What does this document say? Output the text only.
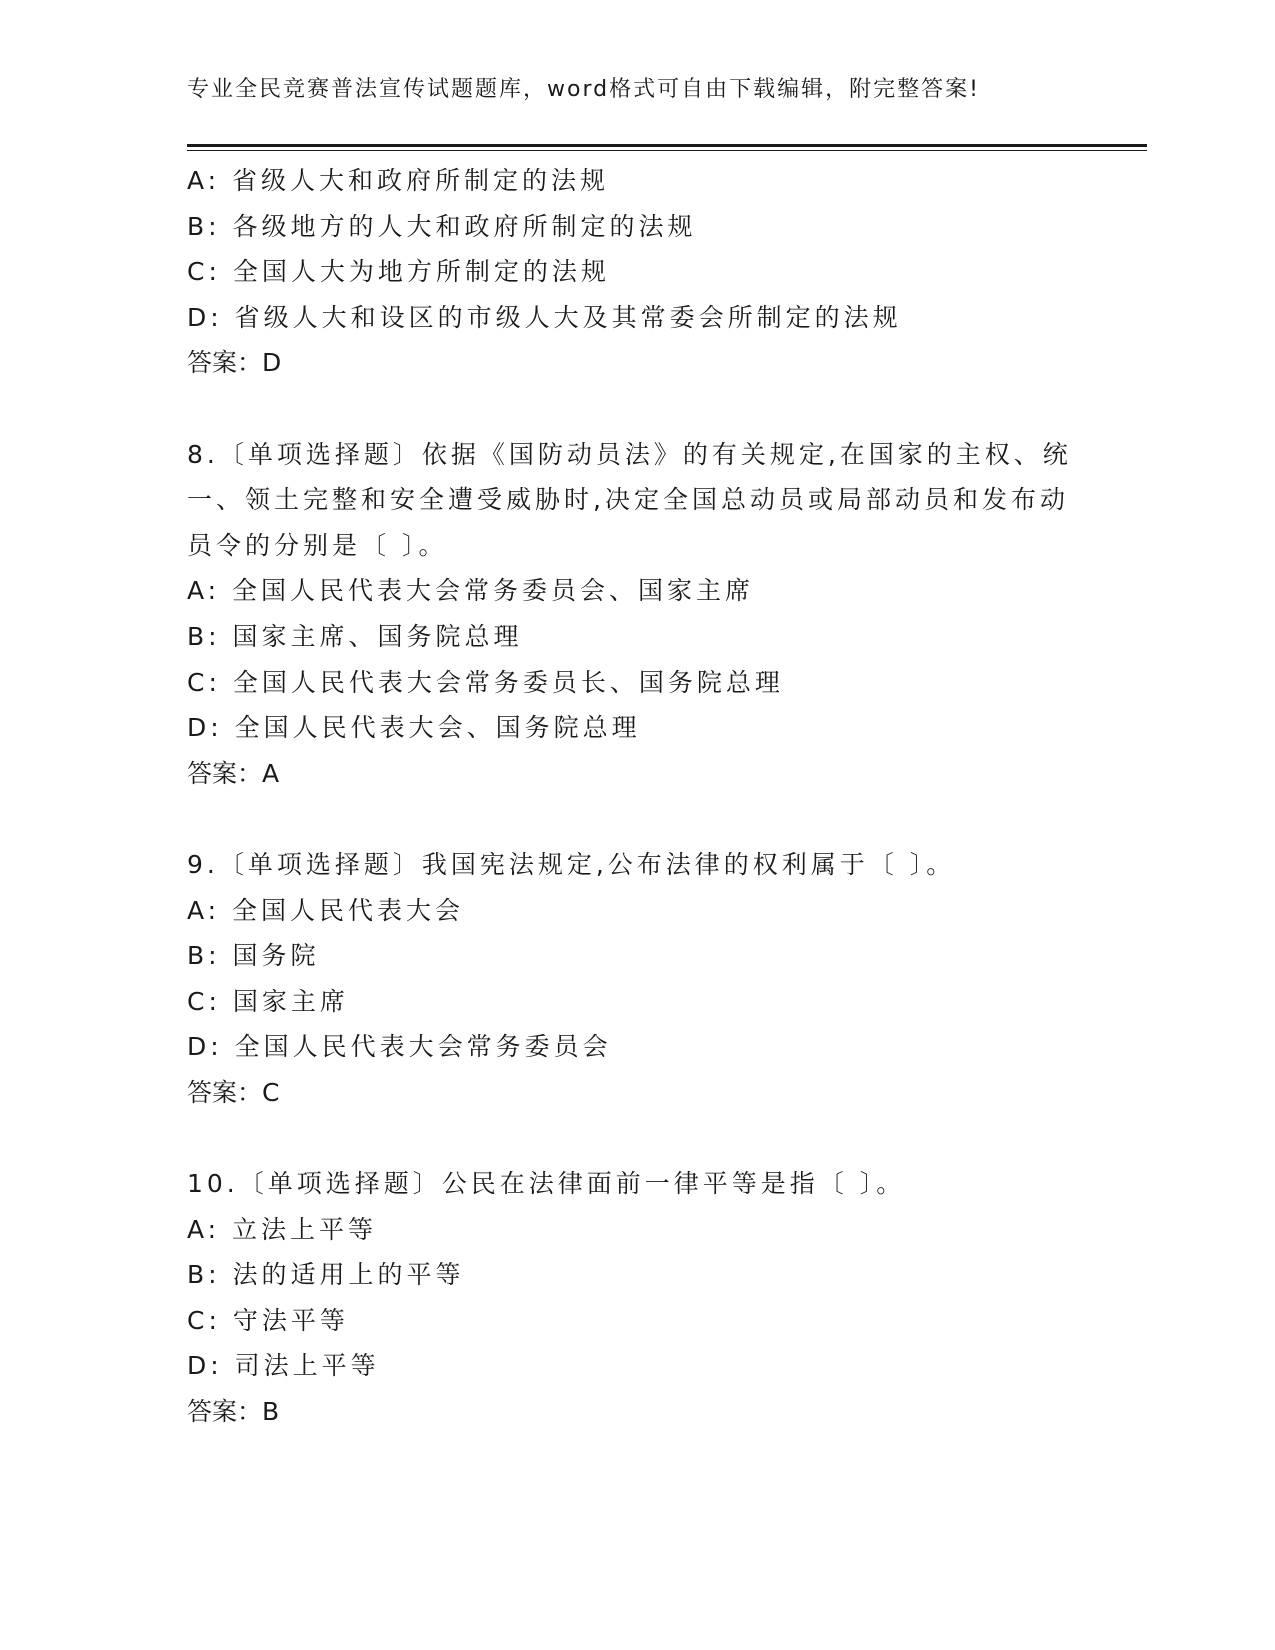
专业全民竞赛普法宣传试题题库，word格式可自由下载编辑，附完整答案!
A: 省级人大和政府所制定的法规
B: 各级地方的人大和政府所制定的法规
C: 全国人大为地方所制定的法规
D: 省级人大和设区的市级人大及其常委会所制定的法规
答案：D
8.〔单项选择题〕依据《国防动员法》的有关规定,在国家的主权、统
一、领土完整和安全遭受威胁时,决定全国总动员或局部动员和发布动
员令的分别是〔 〕。
A: 全国人民代表大会常务委员会、国家主席
B: 国家主席、国务院总理
C: 全国人民代表大会常务委员长、国务院总理
D: 全国人民代表大会、国务院总理
答案：A
9.〔单项选择题〕我国宪法规定,公布法律的权利属于〔 〕。
A: 全国人民代表大会
B: 国务院
C: 国家主席
D: 全国人民代表大会常务委员会
答案：C
10.〔单项选择题〕公民在法律面前一律平等是指〔 〕。
A: 立法上平等
B: 法的适用上的平等
C: 守法平等
D: 司法上平等
答案：B
